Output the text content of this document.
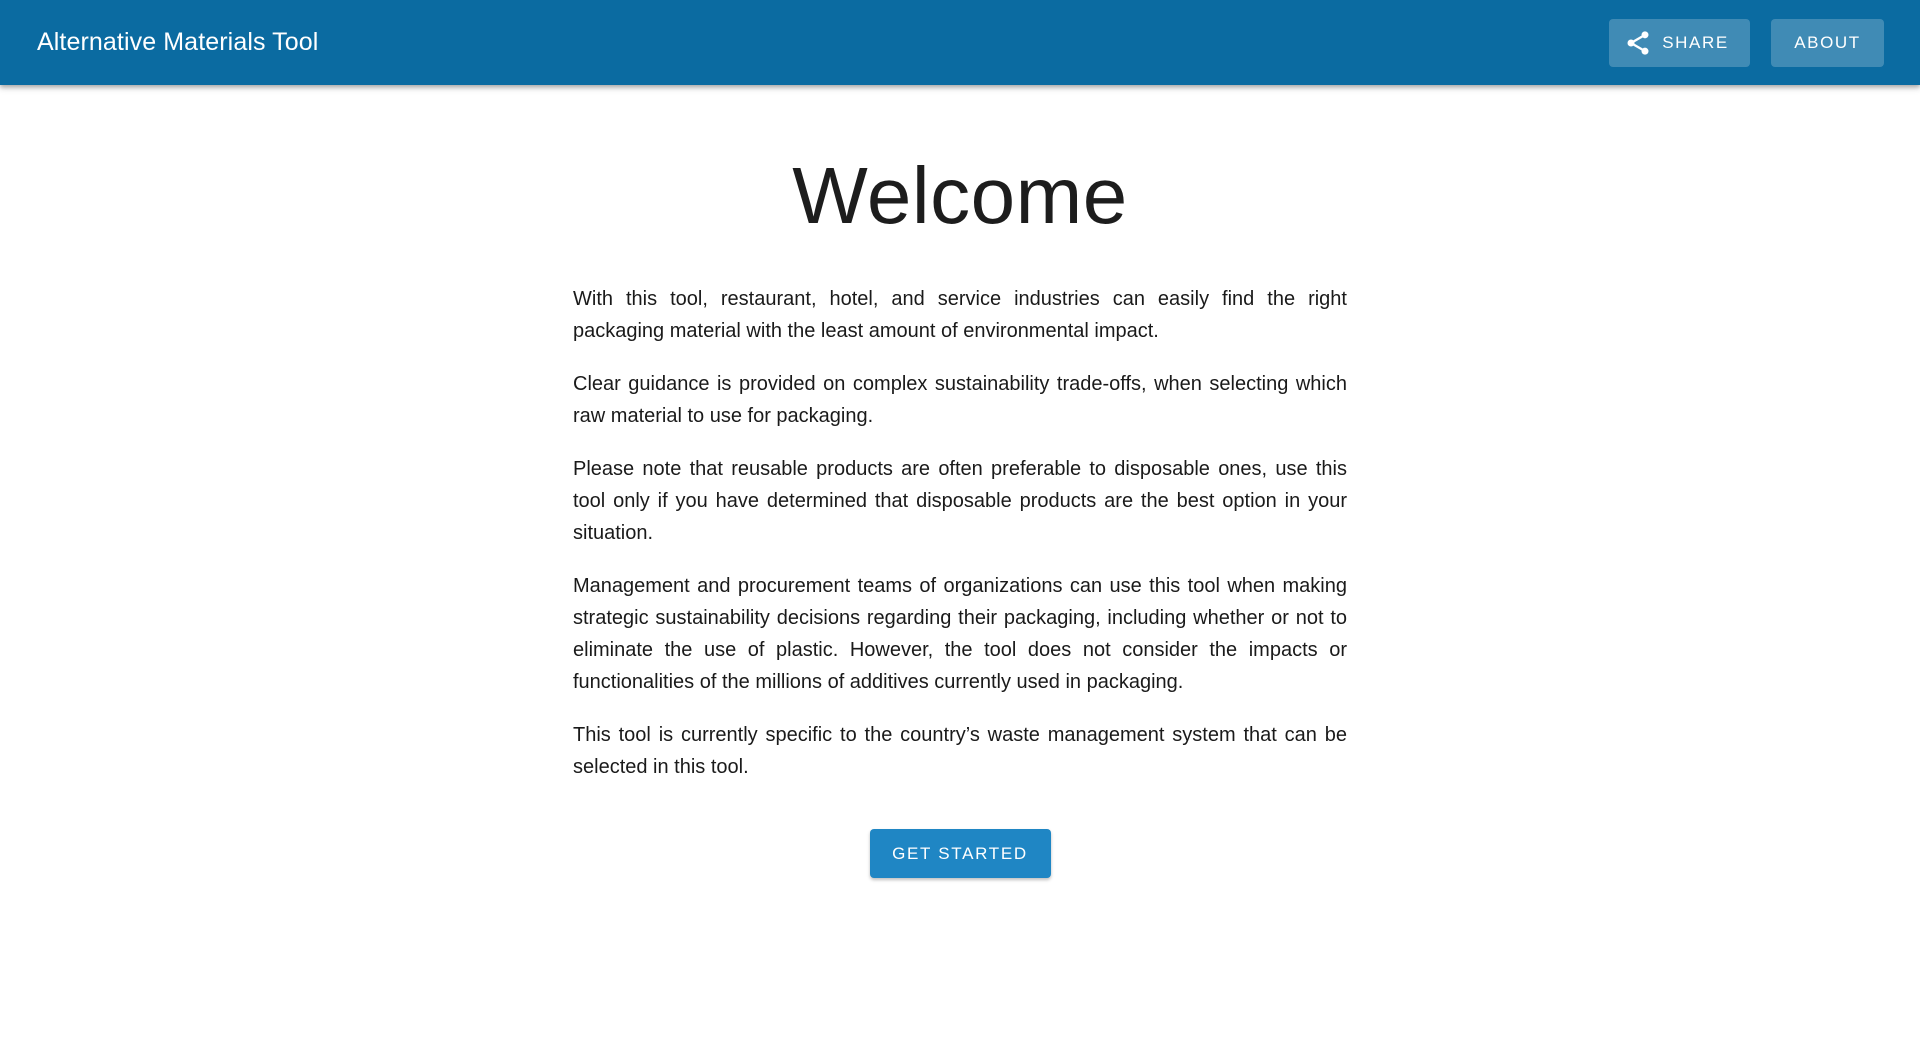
Alternative Materials Tool	SHARE	ABOUT
Welcome

With this tool, restaurant, hotel, and service industries can easily find the right packaging material with the least amount of environmental impact.

Clear guidance is provided on complex sustainability trade-offs, when selecting which raw material to use for packaging.

Please note that reusable products are often preferable to disposable ones, use this tool only if you have determined that disposable products are the best option in your situation.

Management and procurement teams of organizations can use this tool when making strategic sustainability decisions regarding their packaging, including whether or not to eliminate the use of plastic. However, the tool does not consider the impacts or functionalities of the millions of additives currently used in packaging.

This tool is currently specific to the country’s waste management system that can be selected in this tool.

GET STARTED
